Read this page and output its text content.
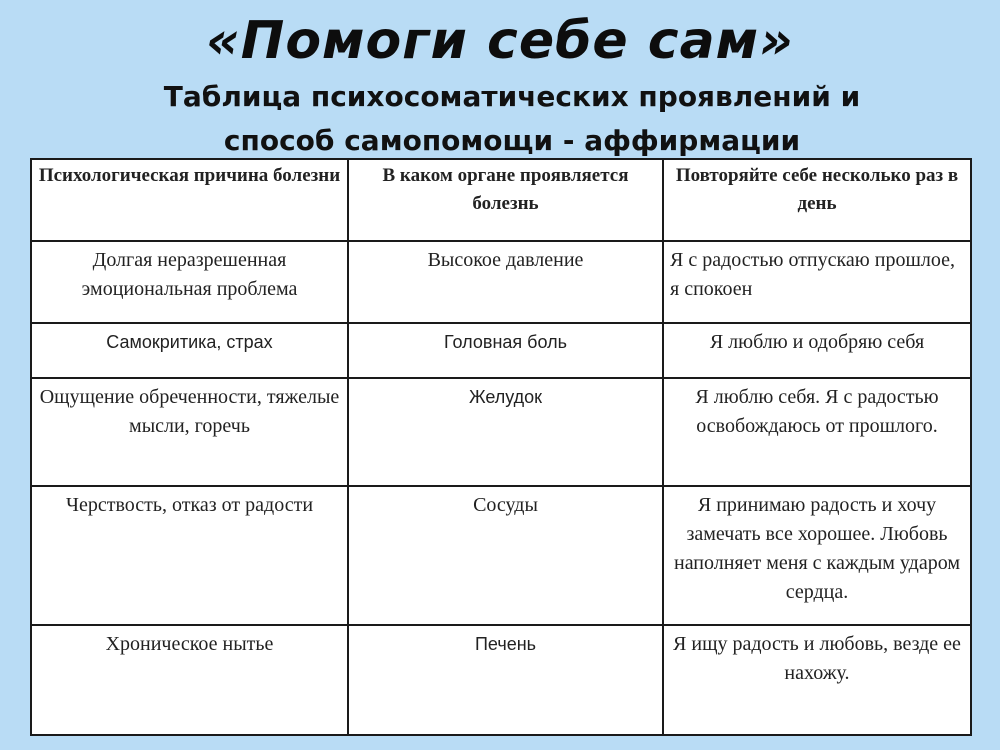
«Помоги себе сам»
Таблица психосоматических проявлений и
способ самопомощи - аффирмации
Психологическая причина болезни	В каком органе проявляется болезнь	Повторяйте себе несколько раз в день
Долгая неразрешенная эмоциональная проблема	Высокое давление	Я с радостью отпускаю прошлое, я спокоен
Самокритика, страх	Головная боль	Я люблю и одобряю себя
Ощущение обреченности, тяжелые мысли, горечь	Желудок	Я люблю себя. Я с радостью освобождаюсь от прошлого.
Черствость, отказ от радости	Сосуды	Я принимаю радость и хочу замечать все хорошее. Любовь наполняет меня с каждым ударом сердца.
Хроническое нытье	Печень	Я ищу радость и любовь, везде ее нахожу.
